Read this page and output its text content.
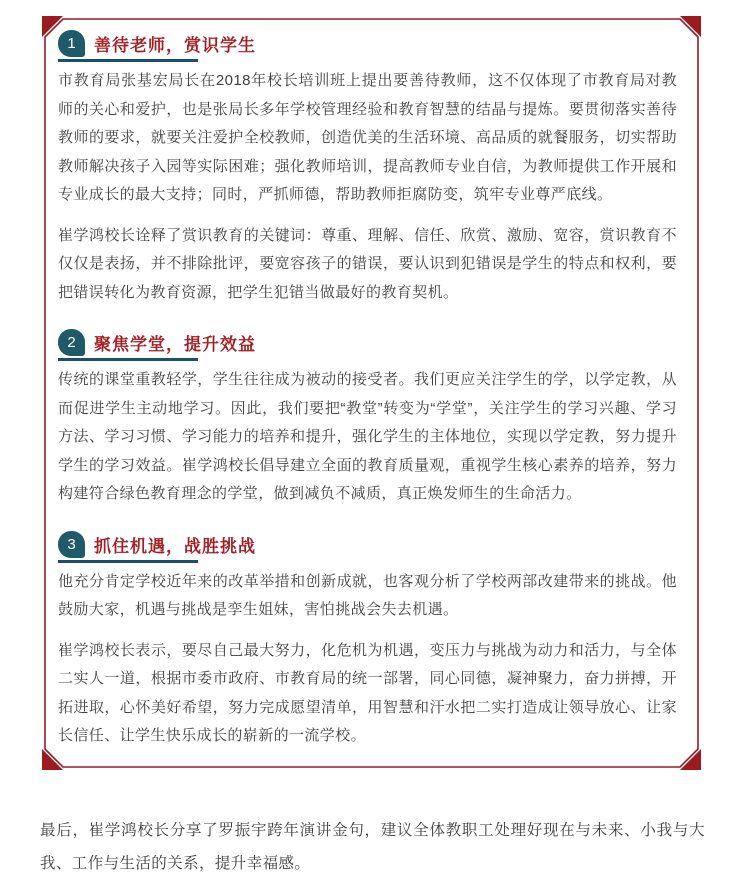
1	善待老师，赏识学生

市教育局张基宏局长在2018年校长培训班上提出要善待教师，这不仅体现了市教育局对教师的关心和爱护，也是张局长多年学校管理经验和教育智慧的结晶与提炼。要贯彻落实善待教师的要求，就要关注爱护全校教师，创造优美的生活环境、高品质的就餐服务，切实帮助教师解决孩子入园等实际困难；强化教师培训，提高教师专业自信，为教师提供工作开展和专业成长的最大支持；同时，严抓师德，帮助教师拒腐防变，筑牢专业尊严底线。

崔学鸿校长诠释了赏识教育的关键词：尊重、理解、信任、欣赏、激励、宽容，赏识教育不仅仅是表扬，并不排除批评，要宽容孩子的错误，要认识到犯错误是学生的特点和权利，要把错误转化为教育资源，把学生犯错当做最好的教育契机。

2	聚焦学堂，提升效益

传统的课堂重教轻学，学生往往成为被动的接受者。我们更应关注学生的学，以学定教，从而促进学生主动地学习。因此，我们要把“教堂”转变为“学堂”，关注学生的学习兴趣、学习方法、学习习惯、学习能力的培养和提升，强化学生的主体地位，实现以学定教，努力提升学生的学习效益。崔学鸿校长倡导建立全面的教育质量观，重视学生核心素养的培养，努力构建符合绿色教育理念的学堂，做到减负不减质，真正焕发师生的生命活力。

3	抓住机遇，战胜挑战

他充分肯定学校近年来的改革举措和创新成就，也客观分析了学校两部改建带来的挑战。他鼓励大家，机遇与挑战是孪生姐妹，害怕挑战会失去机遇。

崔学鸿校长表示，要尽自己最大努力，化危机为机遇，变压力与挑战为动力和活力，与全体二实人一道，根据市委市政府、市教育局的统一部署，同心同德，凝神聚力，奋力拼搏，开拓进取，心怀美好希望，努力完成愿望清单，用智慧和汗水把二实打造成让领导放心、让家长信任、让学生快乐成长的崭新的一流学校。

最后，崔学鸿校长分享了罗振宇跨年演讲金句，建议全体教职工处理好现在与未来、小我与大我、工作与生活的关系，提升幸福感。
